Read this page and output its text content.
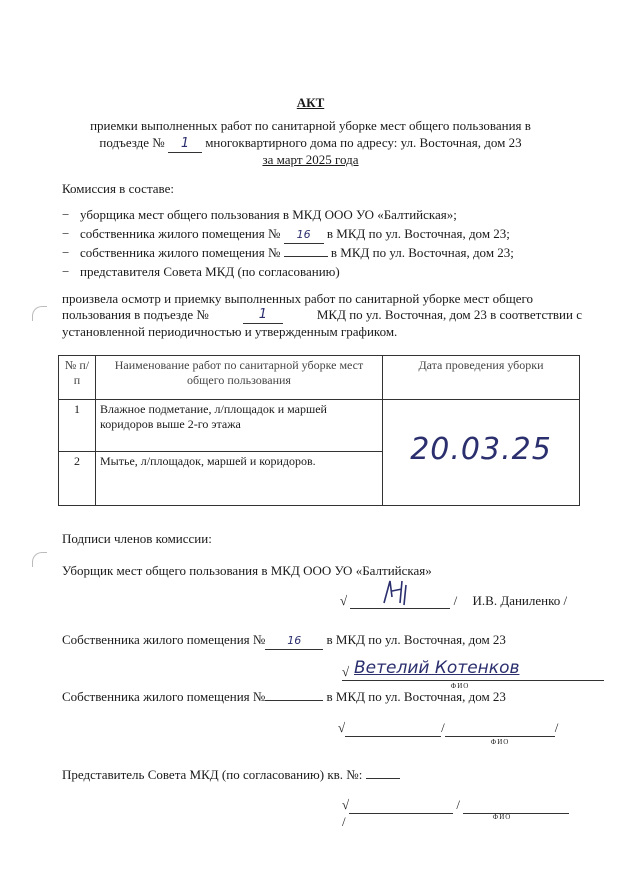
АКТ
приемки выполненных работ по санитарной уборке мест общего пользования в
подъезде № 1 многоквартирного дома по адресу: ул. Восточная, дом 23
за март 2025 года
Комиссия в составе:
− уборщика мест общего пользования в МКД ООО УО «Балтийская»;
− собственника жилого помещения № 16 в МКД по ул. Восточная, дом 23;
− собственника жилого помещения №	в МКД по ул. Восточная, дом 23;
− представителя Совета МКД (по согласованию)
произвела осмотр и приемку выполненных работ по санитарной уборке мест общего
пользования в подъезде №	1	МКД по ул. Восточная, дом 23 в соответствии с
установленной периодичностью и утвержденным графиком.
№ п/п	Наименование работ по санитарной уборке мест общего пользования	Дата проведения уборки
1	Влажное подметание, л/площадок и маршей коридоров выше 2-го этажа	20.03.25
2	Мытье, л/площадок, маршей и коридоров.	
Подписи членов комиссии:
Уборщик мест общего пользования в МКД ООО УО «Балтийская»
√	/ И.В. Даниленко /
Собственника жилого помещения № 16 в МКД по ул. Восточная, дом 23
√ Ветелий Котенков
ФИО
Собственника жилого помещения №	в МКД по ул. Восточная, дом 23
√	/	/
ФИО
Представитель Совета МКД (по согласованию) кв. №:
√	/  /	ФИО
